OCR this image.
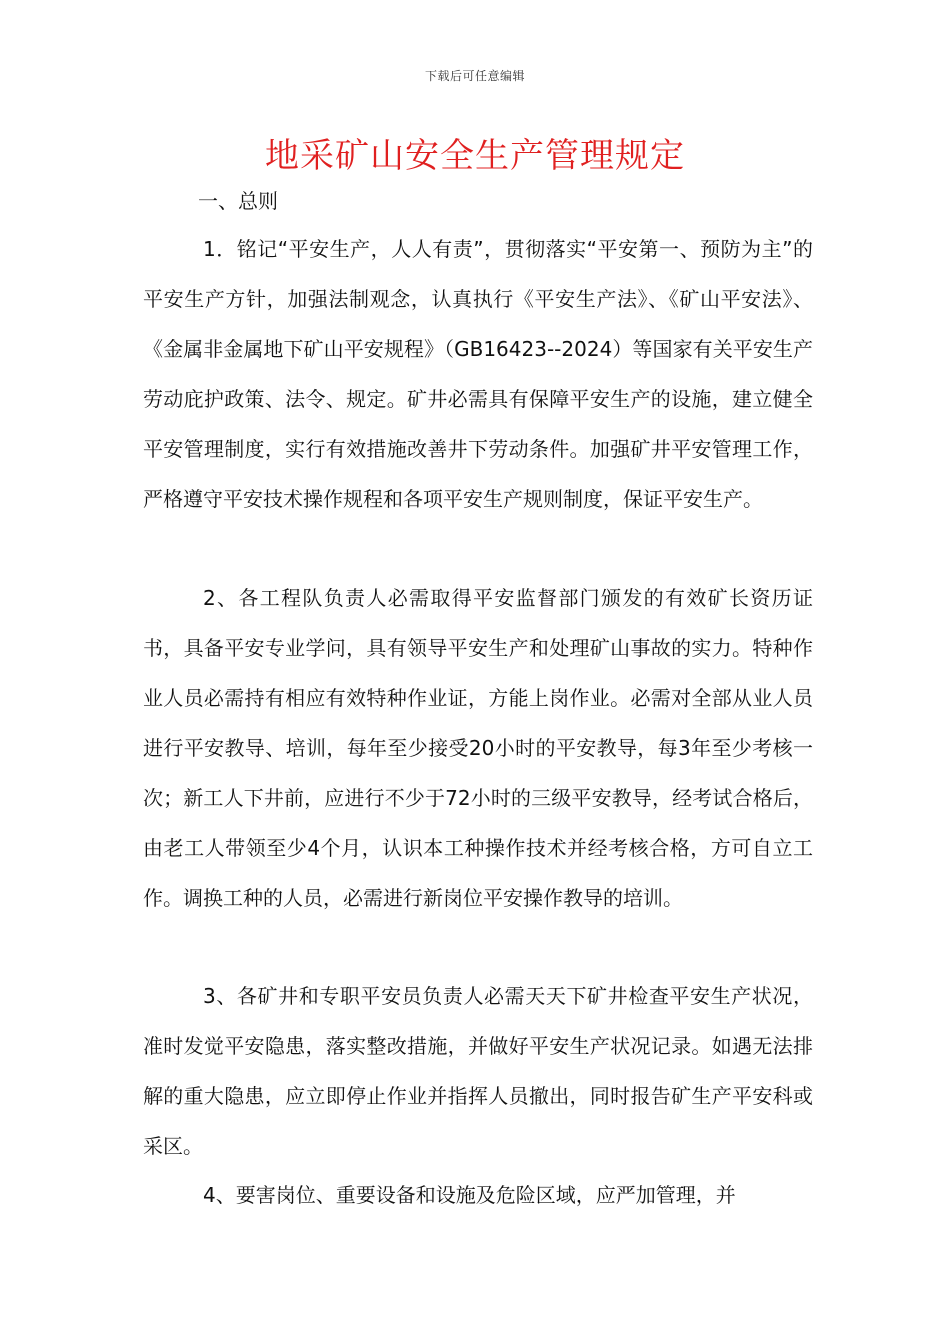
下载后可任意编辑
地采矿山安全生产管理规定
一、总则

1．铭记“平安生产，人人有责”，贯彻落实“平安第一、预防为主”的平安生产方针，加强法制观念，认真执行《平安生产法》、《矿山平安法》、《金属非金属地下矿山平安规程》（GB16423--2024）等国家有关平安生产劳动庇护政策、法令、规定。矿井必需具有保障平安生产的设施，建立健全平安管理制度，实行有效措施改善井下劳动条件。加强矿井平安管理工作，严格遵守平安技术操作规程和各项平安生产规则制度，保证平安生产。

2、各工程队负责人必需取得平安监督部门颁发的有效矿长资历证书，具备平安专业学问，具有领导平安生产和处理矿山事故的实力。特种作业人员必需持有相应有效特种作业证，方能上岗作业。必需对全部从业人员进行平安教导、培训，每年至少接受20小时的平安教导，每3年至少考核一次；新工人下井前，应进行不少于72小时的三级平安教导，经考试合格后，由老工人带领至少4个月，认识本工种操作技术并经考核合格，方可自立工作。调换工种的人员，必需进行新岗位平安操作教导的培训。

3、各矿井和专职平安员负责人必需天天下矿井检查平安生产状况，准时发觉平安隐患，落实整改措施，并做好平安生产状况记录。如遇无法排解的重大隐患，应立即停止作业并指挥人员撤出，同时报告矿生产平安科或采区。

4、要害岗位、重要设备和设施及危险区域，应严加管理，并
